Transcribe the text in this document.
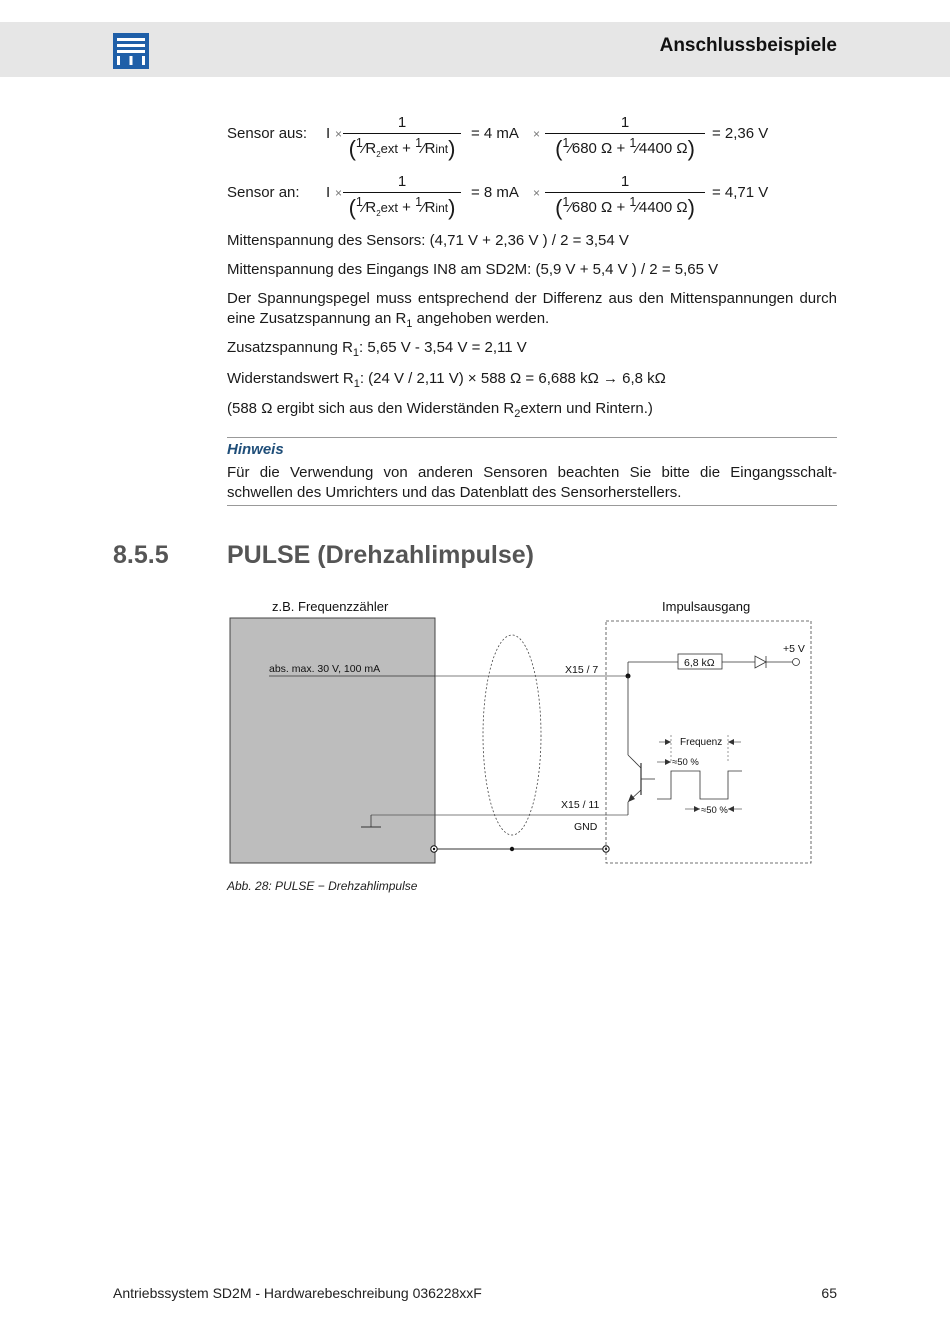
Anschlussbeispiele
Sensor aus: I ×
1
($^1⁄R_2ext$ + $^1$⁄Rint)
= 4 mA ×
1
($^1$⁄680 Ω + $^1$⁄4400 Ω)
= 2,36 V
Sensor an: I ×
1
($^1⁄R_2ext$ + $^1$⁄Rint)
= 8 mA ×
1
($^1$⁄680 Ω + $^1$⁄4400 Ω)
= 4,71 V
Mittenspannung des Sensors: (4,71 V + 2,36 V ) / 2 = 3,54 V
Mittenspannung des Eingangs IN8 am SD2M: (5,9 V + 5,4 V ) / 2 = 5,65 V
Der Spannungspegel muss entsprechend der Differenz aus den Mittenspannungen durch eine Zusatzspannung an $R_1$ angehoben werden.
Zusatzspannung $R_1$: 5,65 V - 3,54 V = 2,11 V
Widerstandswert $R_1$: (24 V / 2,11 V) × 588 Ω = 6,688 kΩ → 6,8 kΩ
(588 Ω ergibt sich aus den Widerständen $R_2extern$ und Rintern.)
Hinweis
Für die Verwendung von anderen Sensoren beachten Sie bitte die Eingangsschalt-schwellen des Umrichters und das Datenblatt des Sensorherstellers.
8.5.5 PULSE (Drehzahlimpulse)
z.B. Frequenzzähler	Impulsausgang
abs. max. 30 V, 100 mA	X15 / 7
X15 / 11
GND
6,8 kΩ
+5 V
Frequenz
≈50 %
≈50 %
Abb. 28: PULSE − Drehzahlimpulse
Antriebssystem SD2M - Hardwarebeschreibung 036228xxF	65
